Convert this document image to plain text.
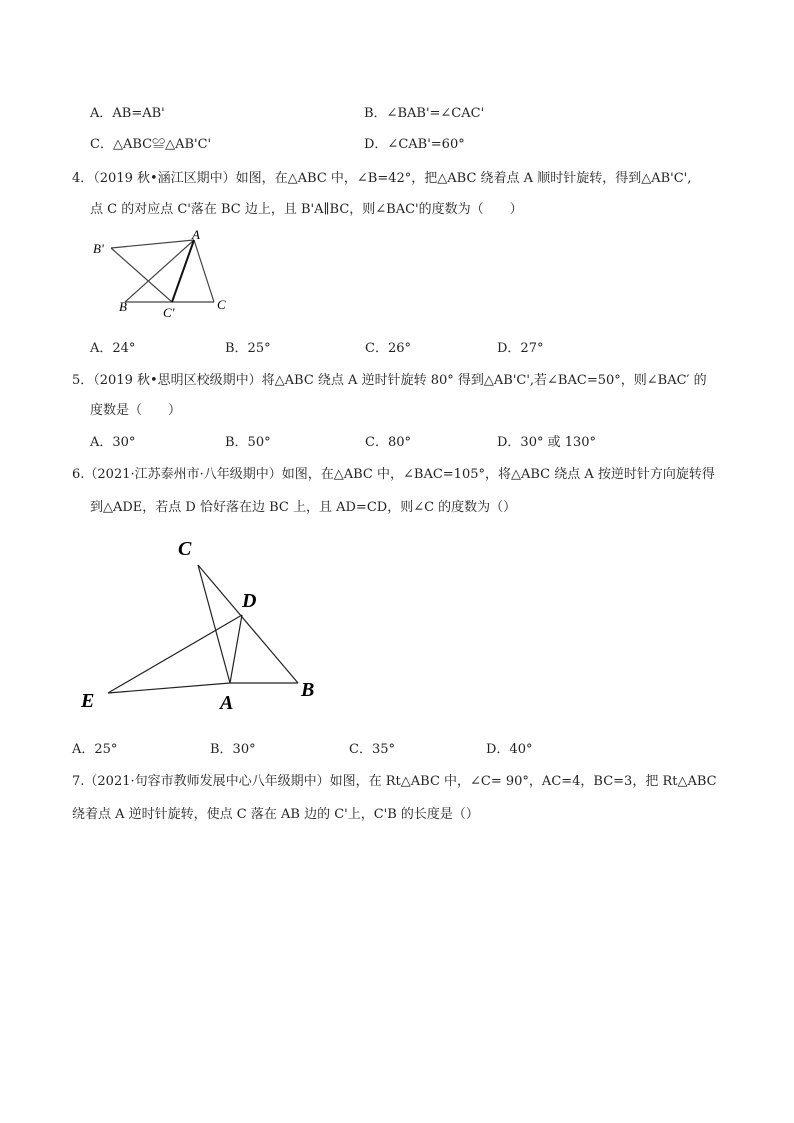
A．AB=AB'	B．∠BAB'=∠CAC'
C．△ABC≌△AB'C'	D．∠CAB'=60°
4．（2019 秋•涵江区期中）如图，在△ABC 中，∠B=42°，把△ABC 绕着点 A 顺时针旋转，得到△AB'C',
点 C 的对应点 C'落在 BC 边上，且 B'A∥BC，则∠BAC'的度数为（　　）
A
B'
B	C'
C
A．24°	B．25°	C．26°	D．27°
5．（2019 秋•思明区校级期中）将△ABC 绕点 A 逆时针旋转 80° 得到△AB'C',若∠BAC=50°，则∠BAC′ 的
度数是（　　）
A．30°	B．50°	C．80°	D．30° 或 130°
6.（2021·江苏泰州市·八年级期中）如图，在△ABC 中，∠BAC=105°，将△ABC 绕点 A 按逆时针方向旋转得
到△ADE，若点 D 恰好落在边 BC 上，且 AD=CD，则∠C 的度数为（）
C
D
B
A
E
A．25°	B．30°	C．35°	D．40°
7.（2021·句容市教师发展中心八年级期中）如图，在 Rt△ABC 中，∠C= 90°，AC=4，BC=3，把 Rt△ABC
绕着点 A 逆时针旋转，使点 C 落在 AB 边的 C'上，C'B 的长度是（）
